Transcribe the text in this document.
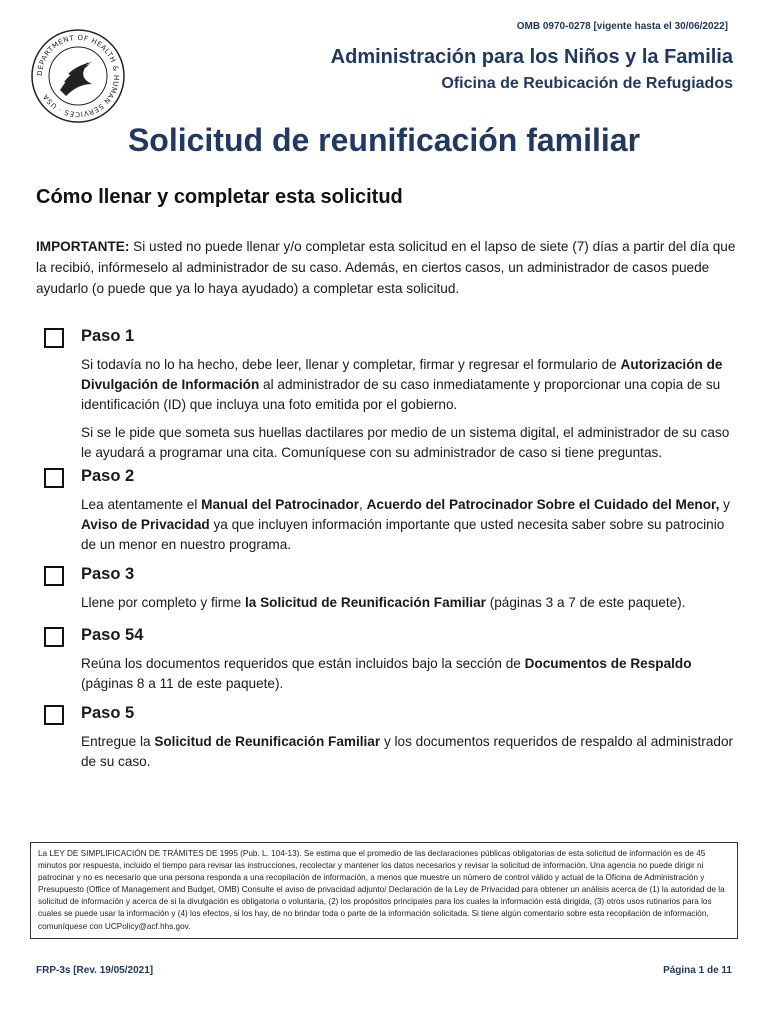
OMB 0970-0278 [vigente hasta el 30/06/2022]
DEPARTMENT OF HEALTH & HUMAN SERVICES · USA
Administración para los Niños y la Familia
Oficina de Reubicación de Refugiados
Solicitud de reunificación familiar
Cómo llenar y completar esta solicitud

IMPORTANTE: Si usted no puede llenar y/o completar esta solicitud en el lapso de siete (7) días a partir del día que la recibió, infórmeselo al administrador de su caso. Además, en ciertos casos, un administrador de casos puede ayudarlo (o puede que ya lo haya ayudado) a completar esta solicitud.

Paso 1

Si todavía no lo ha hecho, debe leer, llenar y completar, firmar y regresar el formulario de Autorización de Divulgación de Información al administrador de su caso inmediatamente y proporcionar una copia de su identificación (ID) que incluya una foto emitida por el gobierno.

Si se le pide que someta sus huellas dactilares por medio de un sistema digital, el administrador de su caso le ayudará a programar una cita. Comuníquese con su administrador de caso si tiene preguntas.

Paso 2

Lea atentamente el Manual del Patrocinador, Acuerdo del Patrocinador Sobre el Cuidado del Menor, y Aviso de Privacidad ya que incluyen información importante que usted necesita saber sobre su patrocinio de un menor en nuestro programa.

Paso 3

Llene por completo y firme la Solicitud de Reunificación Familiar (páginas 3 a 7 de este paquete).

Paso 54

Reúna los documentos requeridos que están incluidos bajo la sección de Documentos de Respaldo (páginas 8 a 11 de este paquete).

Paso 5

Entregue la Solicitud de Reunificación Familiar y los documentos requeridos de respaldo al administrador de su caso.

La LEY DE SIMPLIFICACIÓN DE TRÁMITES DE 1995 (Pub. L. 104-13). Se estima que el promedio de las declaraciones públicas obligatorias de esta solicitud de información es de 45 minutos por respuesta, incluido el tiempo para revisar las instrucciones, recolectar y mantener los datos necesarios y revisar la solicitud de información. Una agencia no puede dirigir ni patrocinar y no es necesario que una persona responda a una recopilación de información, a menos que muestre un número de control válido y actual de la Oficina de Administración y Presupuesto (Office of Management and Budget, OMB) Consulte el aviso de privacidad adjunto/ Declaración de la Ley de Privacidad para obtener un análisis acerca de (1) la autoridad de la solicitud de información y acerca de si la divulgación es obligatoria o voluntaria, (2) los propósitos principales para los cuales la información está dirigida, (3) otros usos rutinarios para los cuales se puede usar la información y (4) los efectos, si los hay, de no brindar toda o parte de la información solicitada. Si tiene algún comentario sobre esta recopilación de información, comuníquese con UCPolicy@acf.hhs.gov.
FRP-3s [Rev. 19/05/2021]	Página 1 de 11
